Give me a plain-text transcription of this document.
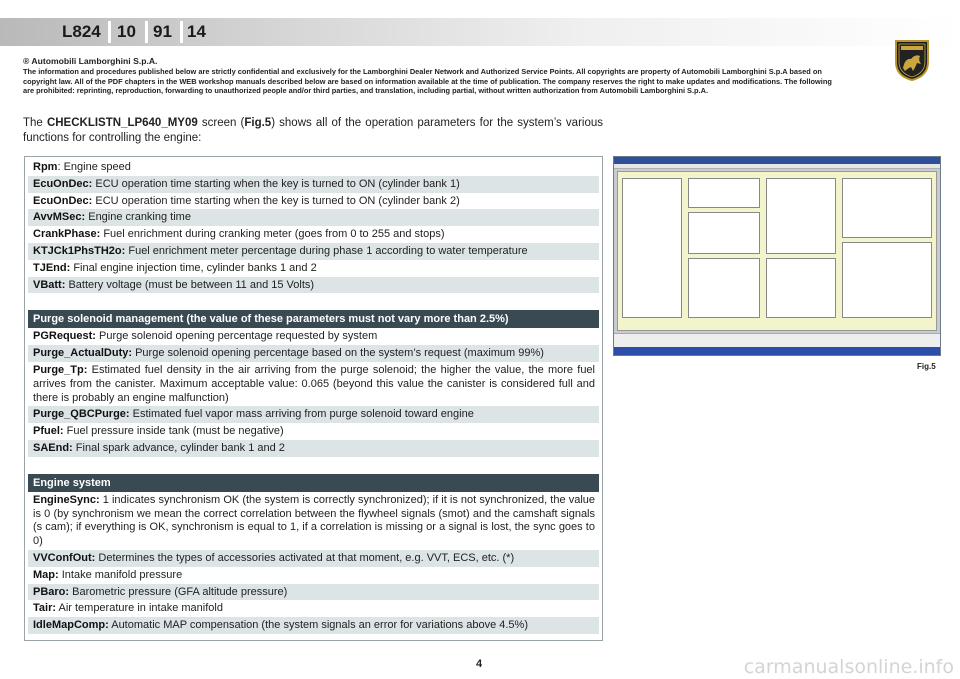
L824 10 91 14
® Automobili Lamborghini S.p.A.
The information and procedures published below are strictly confidential and exclusively for the Lamborghini Dealer Network and Authorized Service Points. All copyrights are property of Automobili Lamborghini S.p.A based on copyright law. All of the PDF chapters in the WEB workshop manuals described below are based on information available at the time of publication. The company reserves the right to make updates and modifications. The following are prohibited: reprinting, reproduction, forwarding to unauthorized people and/or third parties, and translation, including partial, without written authorization from Automobili Lamborghini S.p.A.
The CHECKLISTN_LP640_MY09 screen (Fig.5) shows all of the operation parameters for the system’s various functions for controlling the engine:
Rpm: Engine speed
EcuOnDec: ECU operation time starting when the key is turned to ON (cylinder bank 1)
EcuOnDec: ECU operation time starting when the key is turned to ON (cylinder bank 2)
AvvMSec: Engine cranking time
CrankPhase: Fuel enrichment during cranking meter (goes from 0 to 255 and stops)
KTJCk1PhsTH2o: Fuel enrichment meter percentage during phase 1 according to water temperature
TJEnd: Final engine injection time, cylinder banks 1 and 2
VBatt: Battery voltage (must be between 11 and 15 Volts)
Purge solenoid management (the value of these parameters must not vary more than 2.5%)
PGRequest: Purge solenoid opening percentage requested by system
Purge_ActualDuty: Purge solenoid opening percentage based on the system’s request (maximum 99%)
Purge_Tp: Estimated fuel density in the air arriving from the purge solenoid; the higher the value, the more fuel arrives from the canister. Maximum acceptable value: 0.065 (beyond this value the canister is considered full and there is probably an engine malfunction)
Purge_QBCPurge: Estimated fuel vapor mass arriving from purge solenoid toward engine
Pfuel: Fuel pressure inside tank (must be negative)
SAEnd: Final spark advance, cylinder bank 1 and 2
Engine system
EngineSync: 1 indicates synchronism OK (the system is correctly synchronized); if it is not synchronized, the value is 0 (by synchronism we mean the correct correlation between the flywheel signals (smot) and the camshaft signals (s cam); if everything is OK, synchronism is equal to 1, if a correlation is missing or a signal is lost, the sync goes to 0)
VVConfOut: Determines the types of accessories activated at that moment, e.g. VVT, ECS, etc. (*)
Map: Intake manifold pressure
PBaro: Barometric pressure (GFA altitude pressure)
Tair: Air temperature in intake manifold
IdleMapComp: Automatic MAP compensation (the system signals an error for variations above 4.5%)
Fig.5
4	carmanualsonline.info
